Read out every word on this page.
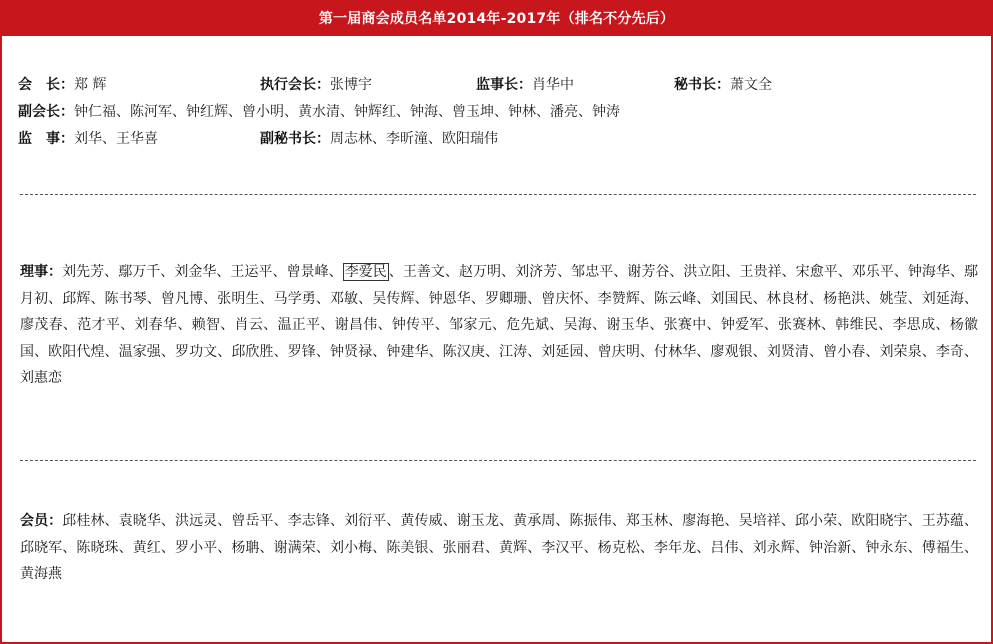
第一届商会成员名单2014年-2017年（排名不分先后）
会　长：郑 辉	执行会长：张博宇	监事长：肖华中	秘书长：萧文全
副会长：钟仁福、陈河军、钟红辉、曾小明、黄水清、钟辉红、钟海、曾玉坤、钟林、潘亮、钟涛
监　事：刘华、王华喜	副秘书长：周志林、李昕潼、欧阳瑞伟
理事：刘先芳、鄢万千、刘金华、王运平、曾景峰、 李爱民 、王善文、赵万明、刘济芳、邹忠平、谢芳谷、洪立阳、王贵祥、宋愈平、邓乐平、钟海华、鄢月初、邱辉、陈书琴、曾凡博、张明生、马学勇、邓敏、吴传辉、钟恩华、罗卿珊、曾庆怀、李赞辉、陈云峰、刘国民、林良材、杨艳洪、姚莹、刘延海、廖茂春、范才平、刘春华、赖智、肖云、温正平、谢昌伟、钟传平、邹家元、危先斌、吴海、谢玉华、张赛中、钟爱军、张赛林、韩维民、李思成、杨徽国、欧阳代煌、温家强、罗功文、邱欣胜、罗锋、钟贤禄、钟建华、陈汉庚、江涛、刘延园、曾庆明、付林华、廖观银、刘贤清、曾小春、刘荣泉、李奇、刘惠恋
会员：邱桂林、袁晓华、洪远灵、曾岳平、李志锋、刘衍平、黄传威、谢玉龙、黄承周、陈振伟、郑玉林、廖海艳、吴培祥、邱小荣、欧阳晓宇、王苏蕴、邱晓军、陈晓珠、黄红、罗小平、杨聃、谢满荣、刘小梅、陈美银、张丽君、黄辉、李汉平、杨克松、李年龙、吕伟、刘永辉、钟治新、钟永东、傅福生、黄海燕
